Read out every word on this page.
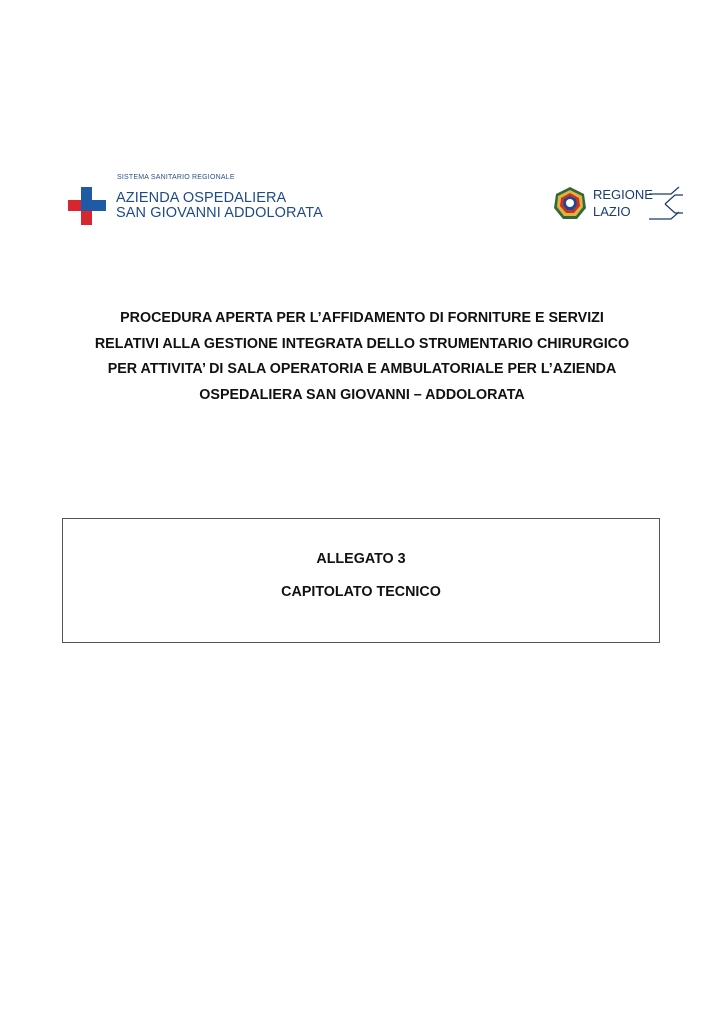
SISTEMA SANITARIO REGIONALE
AZIENDA OSPEDALIERA
SAN GIOVANNI ADDOLORATA
REGIONE
LAZIO
PROCEDURA APERTA PER L’AFFIDAMENTO DI FORNITURE E SERVIZI
RELATIVI ALLA GESTIONE INTEGRATA DELLO STRUMENTARIO CHIRURGICO
PER ATTIVITA’ DI SALA OPERATORIA E AMBULATORIALE PER L’AZIENDA
OSPEDALIERA SAN GIOVANNI – ADDOLORATA
ALLEGATO 3
CAPITOLATO TECNICO
